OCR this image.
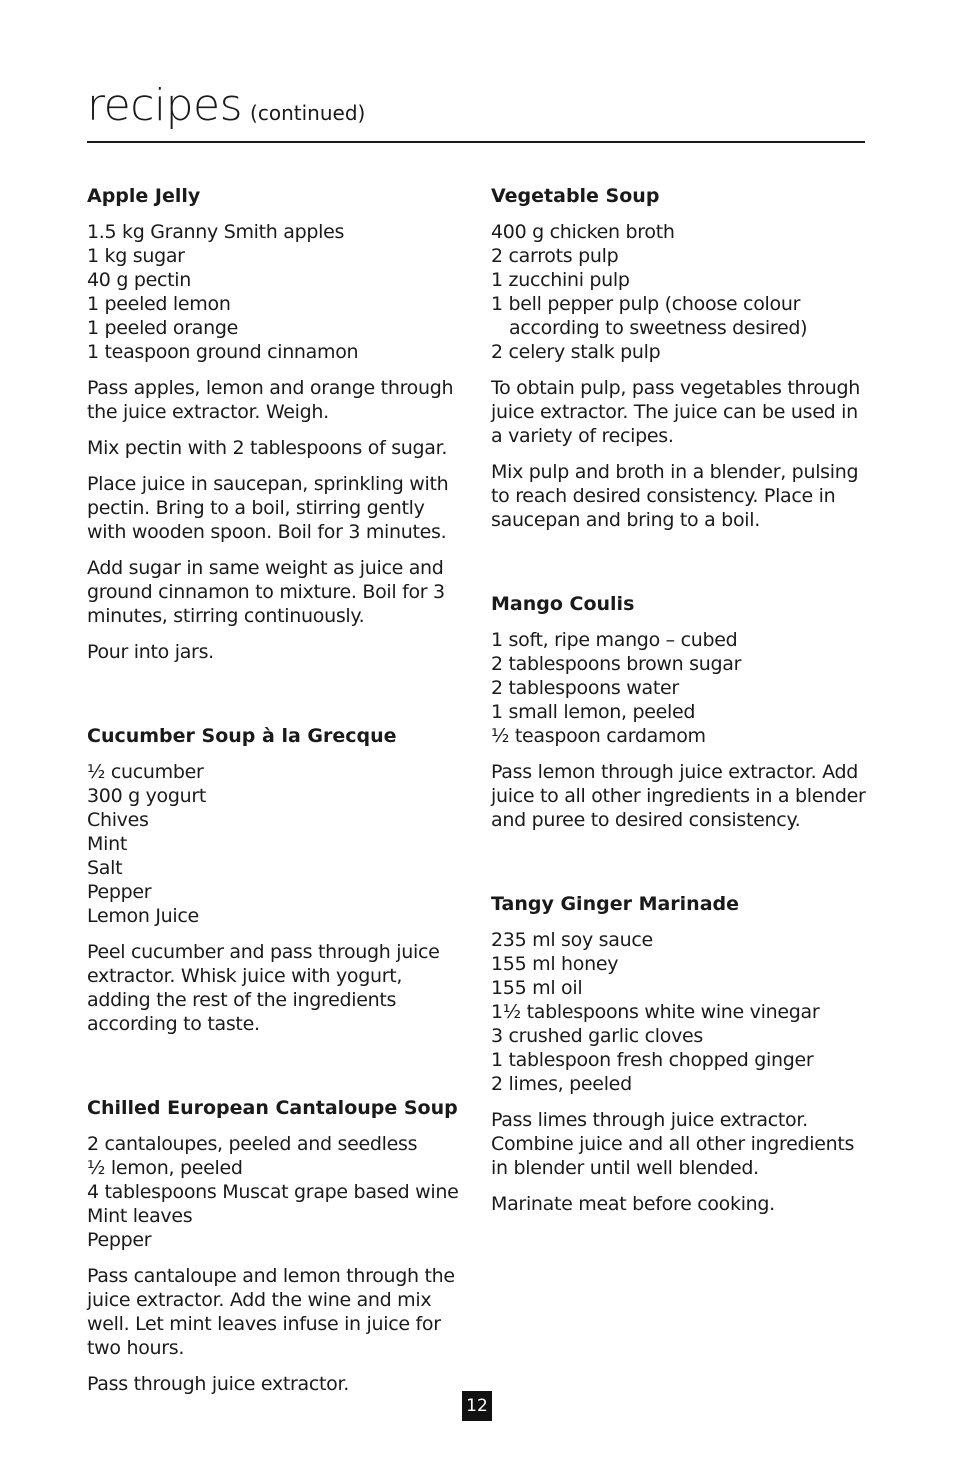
recipes (continued)
Apple Jelly
1.5 kg Granny Smith apples
1 kg sugar
40 g pectin
1 peeled lemon
1 peeled orange
1 teaspoon ground cinnamon

Pass apples, lemon and orange through the juice extractor. Weigh.

Mix pectin with 2 tablespoons of sugar.

Place juice in saucepan, sprinkling with pectin. Bring to a boil, stirring gently with wooden spoon. Boil for 3 minutes.

Add sugar in same weight as juice and ground cinnamon to mixture. Boil for 3 minutes, stirring continuously.

Pour into jars.

Cucumber Soup à la Grecque
½ cucumber
300 g yogurt
Chives
Mint
Salt
Pepper
Lemon Juice

Peel cucumber and pass through juice extractor. Whisk juice with yogurt, adding the rest of the ingredients according to taste.

Chilled European Cantaloupe Soup
2 cantaloupes, peeled and seedless
½ lemon, peeled
4 tablespoons Muscat grape based wine
Mint leaves
Pepper

Pass cantaloupe and lemon through the juice extractor. Add the wine and mix well. Let mint leaves infuse in juice for two hours.

Pass through juice extractor.

Vegetable Soup
400 g chicken broth
2 carrots pulp
1 zucchini pulp
1 bell pepper pulp (choose colour according to sweetness desired)
2 celery stalk pulp

To obtain pulp, pass vegetables through juice extractor. The juice can be used in a variety of recipes.

Mix pulp and broth in a blender, pulsing to reach desired consistency. Place in saucepan and bring to a boil.

Mango Coulis
1 soft, ripe mango – cubed
2 tablespoons brown sugar
2 tablespoons water
1 small lemon, peeled
½ teaspoon cardamom

Pass lemon through juice extractor. Add juice to all other ingredients in a blender and puree to desired consistency.

Tangy Ginger Marinade
235 ml soy sauce
155 ml honey
155 ml oil
1½ tablespoons white wine vinegar
3 crushed garlic cloves
1 tablespoon fresh chopped ginger
2 limes, peeled

Pass limes through juice extractor. Combine juice and all other ingredients in blender until well blended.

Marinate meat before cooking.

12
